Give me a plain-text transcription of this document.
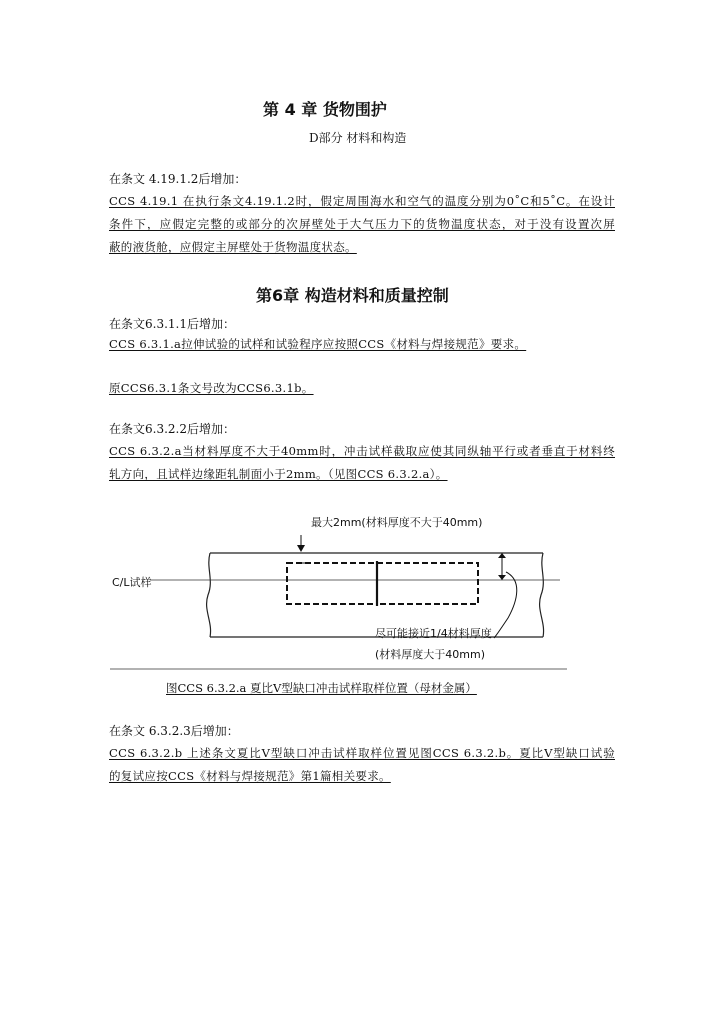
第 4 章 货物围护
D部分 材料和构造
在条文 4.19.1.2后增加：
CCS 4.19.1 在执行条文4.19.1.2时，假定周围海水和空气的温度分别为0˚C和5˚C。在设计
条件下，应假定完整的或部分的次屏壁处于大气压力下的货物温度状态，对于没有设置次屏
蔽的液货舱，应假定主屏壁处于货物温度状态。
第6章 构造材料和质量控制
在条文6.3.1.1后增加：
CCS 6.3.1.a拉伸试验的试样和试验程序应按照CCS《材料与焊接规范》要求。
原CCS6.3.1条文号改为CCS6.3.1b。
在条文6.3.2.2后增加：
CCS 6.3.2.a当材料厚度不大于40mm时，冲击试样截取应使其同纵轴平行或者垂直于材料终
轧方向，且试样边缘距轧制面小于2mm。（见图CCS 6.3.2.a）。
最大2mm(材料厚度不大于40mm)
C/L试样
尽可能接近1/4材料厚度
(材料厚度大于40mm)
图CCS 6.3.2.a 夏比V型缺口冲击试样取样位置（母材金属）
在条文 6.3.2.3后增加：
CCS 6.3.2.b 上述条文夏比V型缺口冲击试样取样位置见图CCS 6.3.2.b。夏比V型缺口试验
的复试应按CCS《材料与焊接规范》第1篇相关要求。
